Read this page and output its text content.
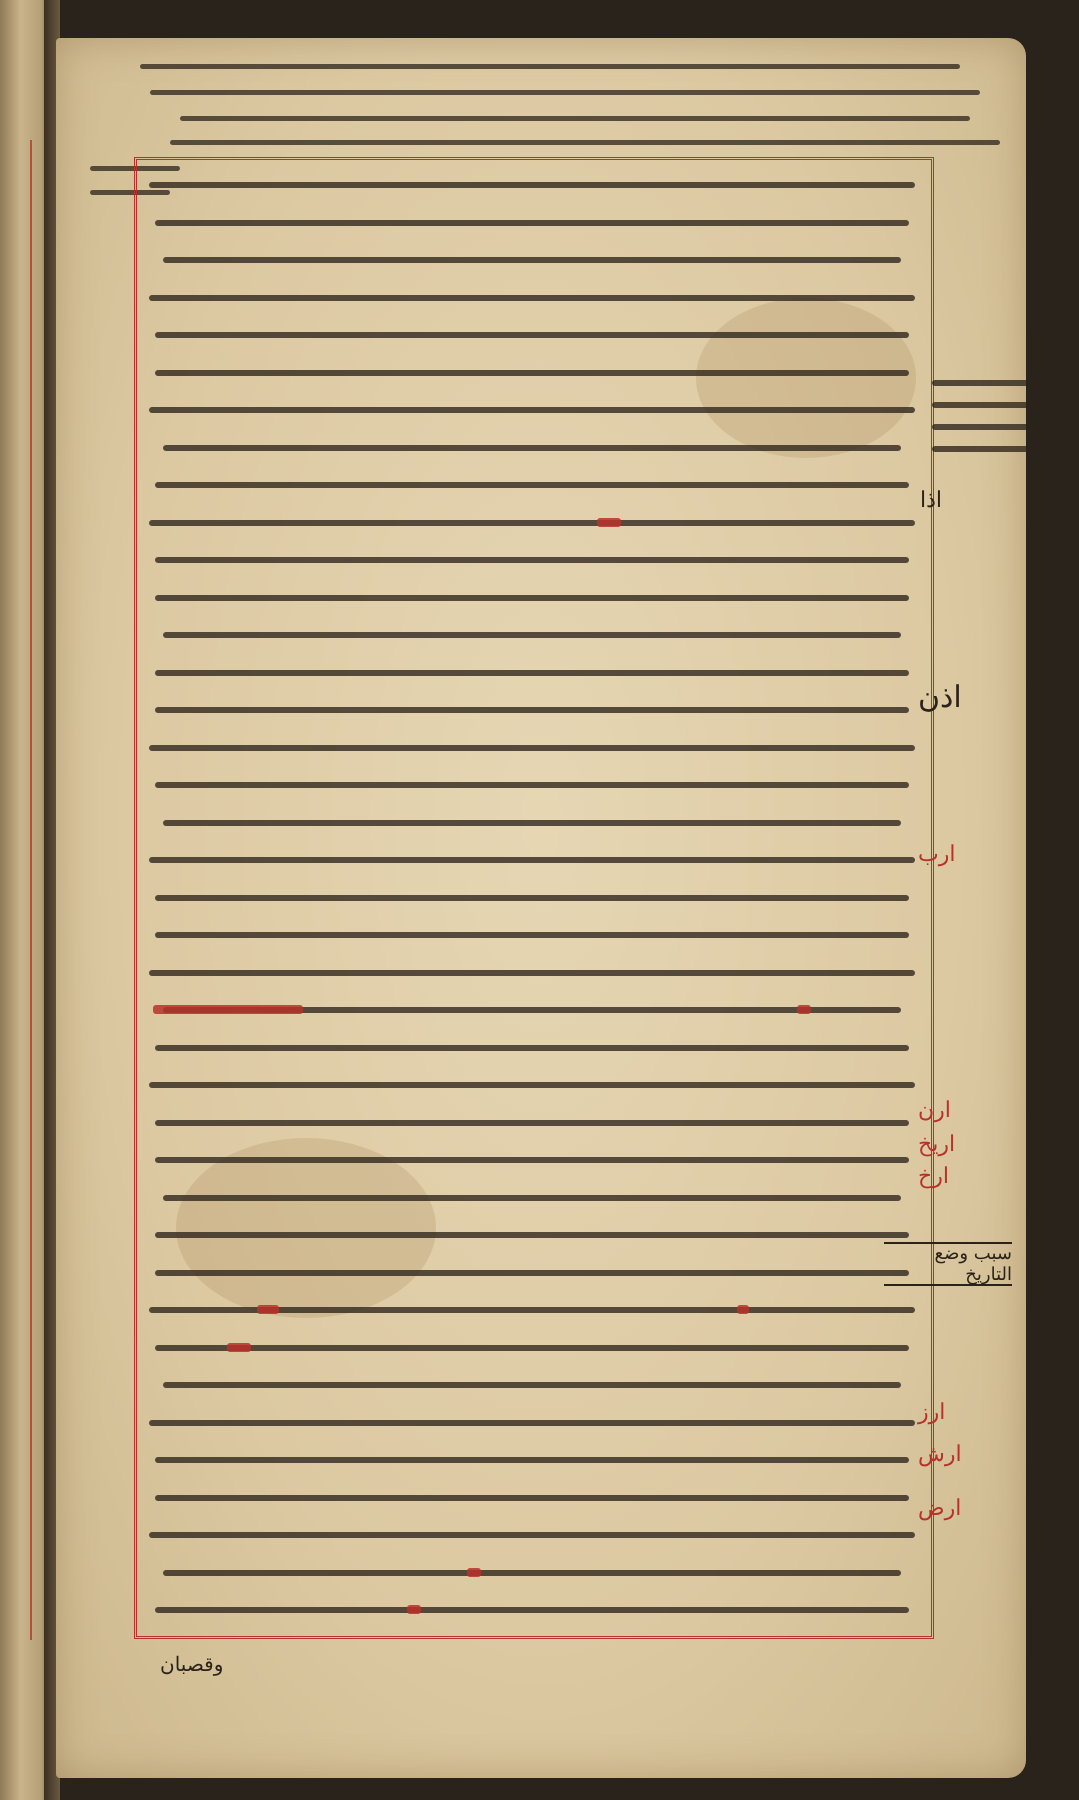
اذا
اذن
ارب
ارن
اريخ
ارخ
سبب وضع التاريخ
ارز
ارش
ارض
وقصبان
